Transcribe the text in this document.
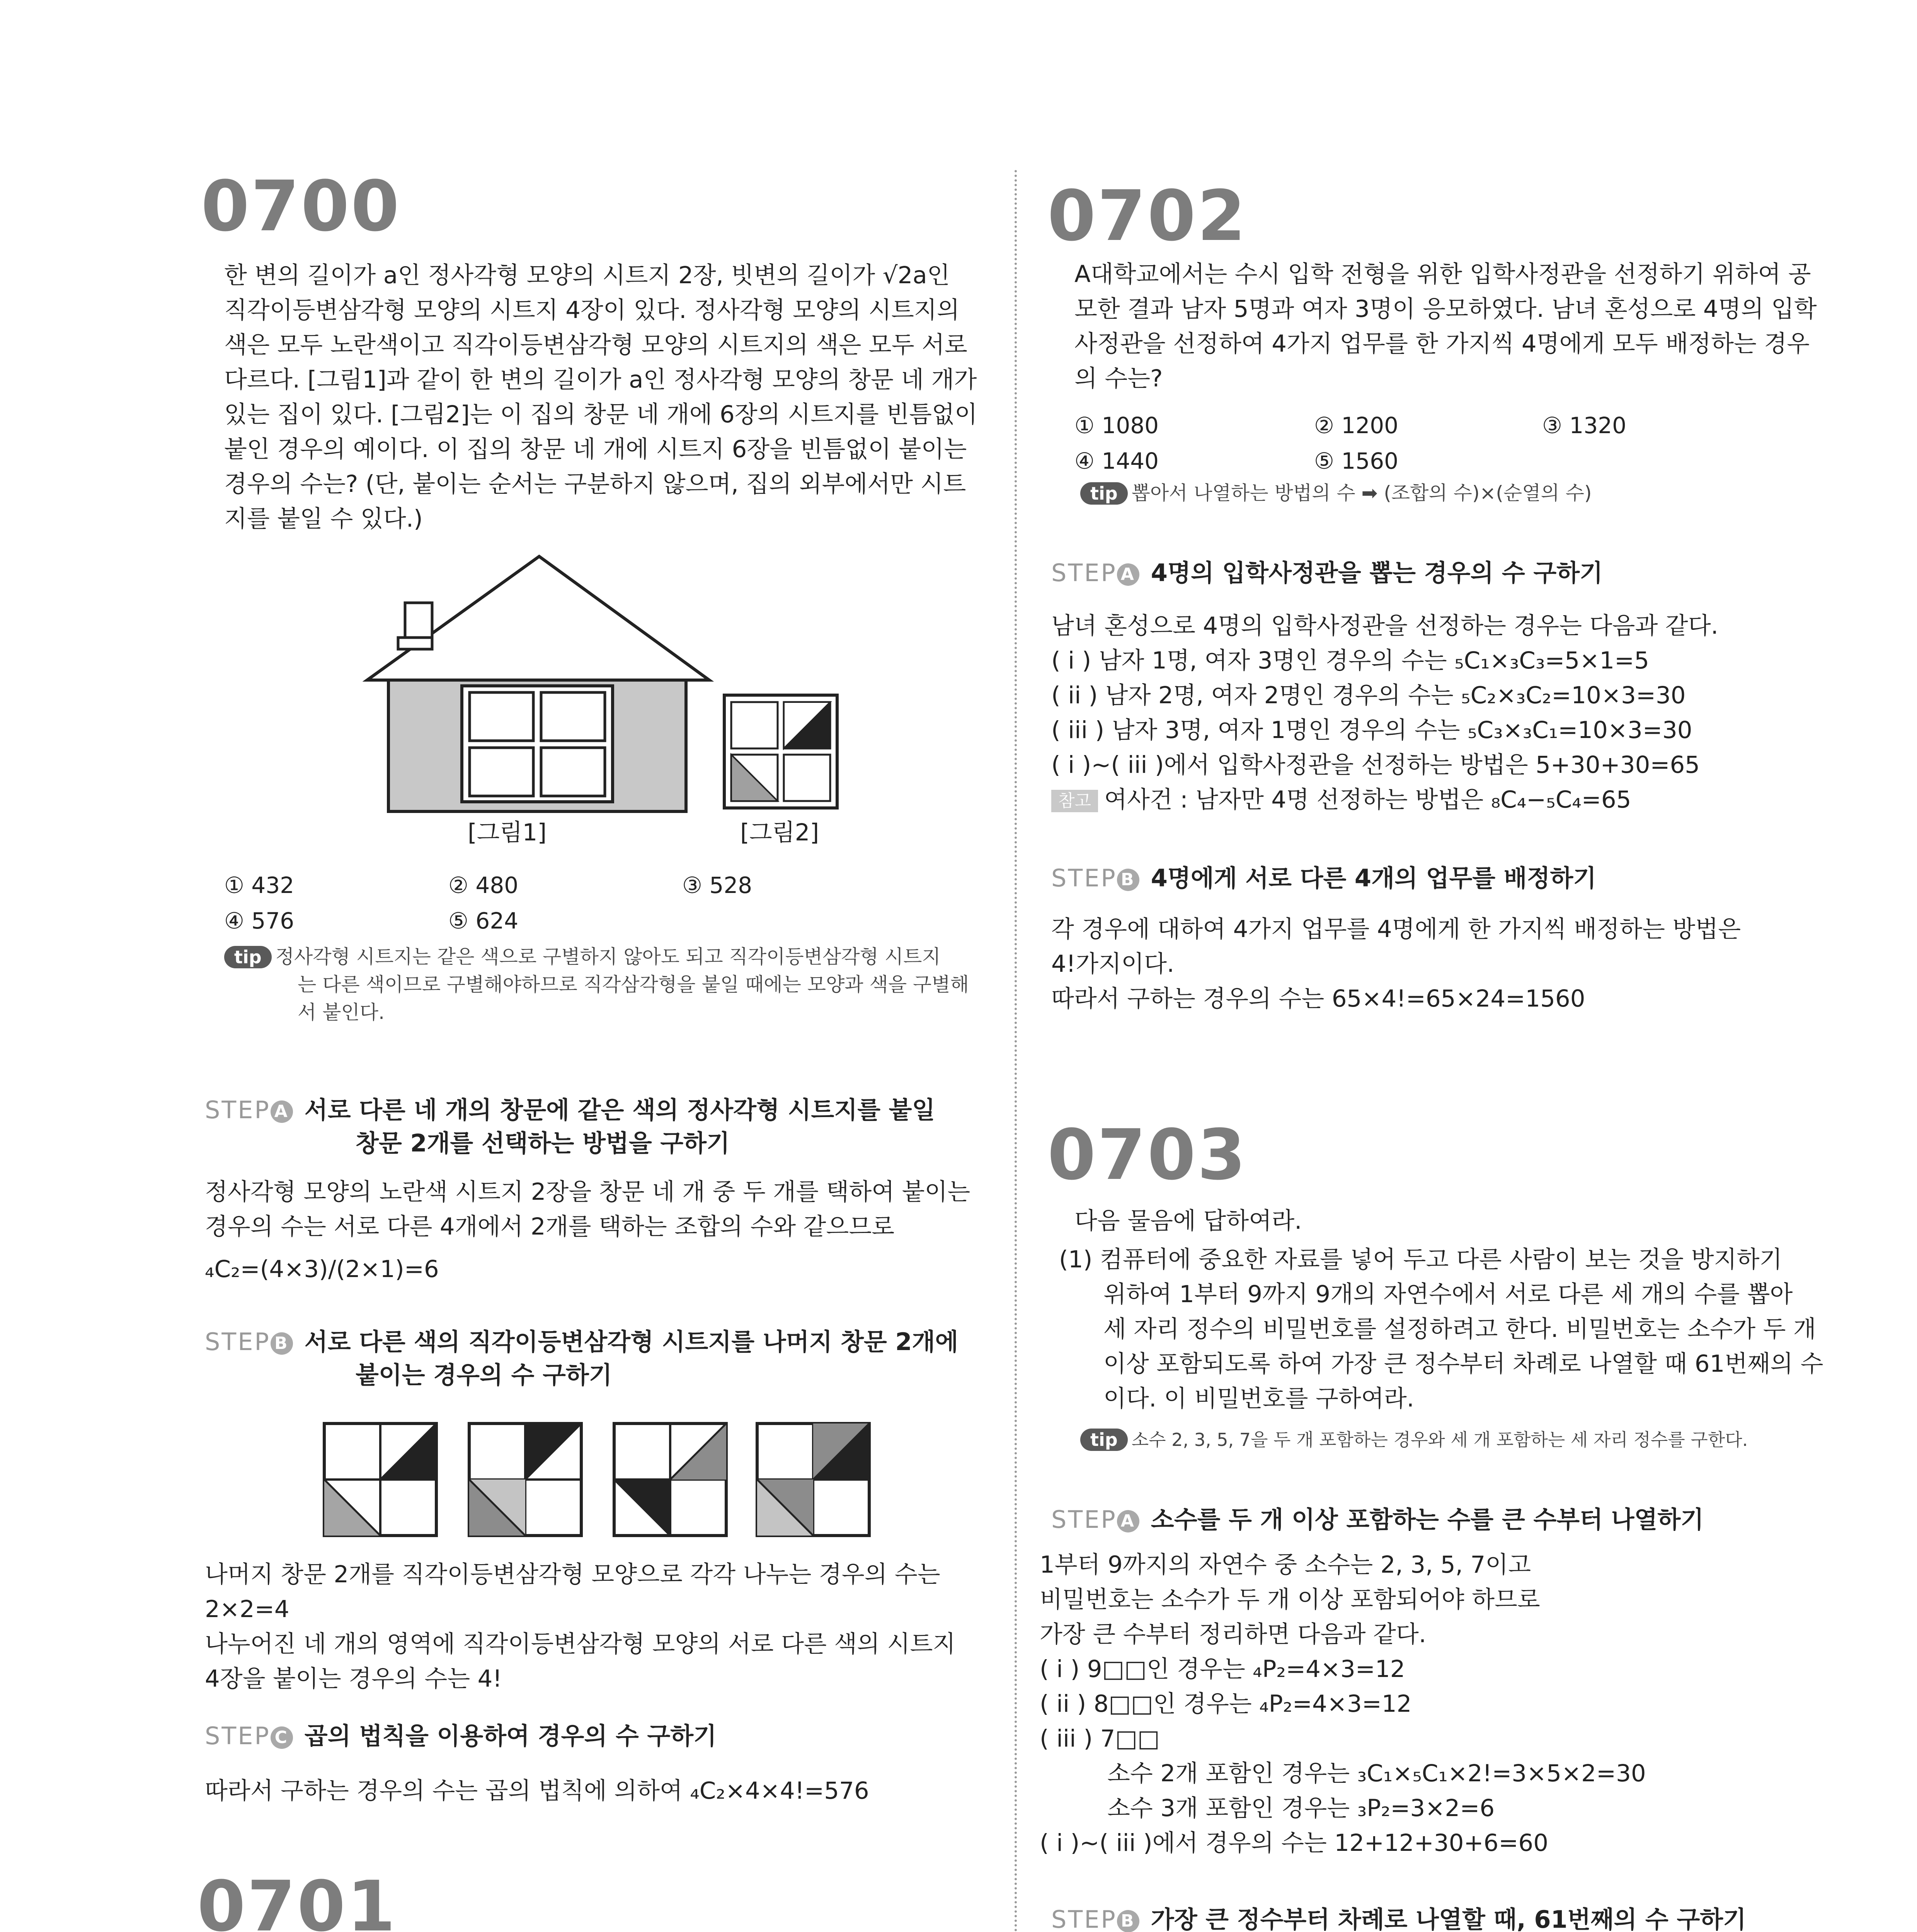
0700

한 변의 길이가 a인 정사각형 모양의 시트지 2장, 빗변의 길이가 √2a인

직각이등변삼각형 모양의 시트지 4장이 있다. 정사각형 모양의 시트지의

색은 모두 노란색이고 직각이등변삼각형 모양의 시트지의 색은 모두 서로

다르다. [그림1]과 같이 한 변의 길이가 a인 정사각형 모양의 창문 네 개가

있는 집이 있다. [그림2]는 이 집의 창문 네 개에 6장의 시트지를 빈틈없이

붙인 경우의 예이다. 이 집의 창문 네 개에 시트지 6장을 빈틈없이 붙이는

경우의 수는? (단, 붙이는 순서는 구분하지 않으며, 집의 외부에서만 시트

지를 붙일 수 있다.)

[그림1]	[그림2]
① 432	② 480	③ 528
④ 576	⑤ 624
tip 정사각형 시트지는 같은 색으로 구별하지 않아도 되고 직각이등변삼각형 시트지
는 다른 색이므로 구별해야하므로 직각삼각형을 붙일 때에는 모양과 색을 구별해
서 붙인다.
STEP A 서로 다른 네 개의 창문에 같은 색의 정사각형 시트지를 붙일
창문 2개를 선택하는 방법을 구하기

정사각형 모양의 노란색 시트지 2장을 창문 네 개 중 두 개를 택하여 붙이는

경우의 수는 서로 다른 4개에서 2개를 택하는 조합의 수와 같으므로

₄C₂=(4×3)/(2×1)=6

STEP B 서로 다른 색의 직각이등변삼각형 시트지를 나머지 창문 2개에
붙이는 경우의 수 구하기

나머지 창문 2개를 직각이등변삼각형 모양으로 각각 나누는 경우의 수는

2×2=4

나누어진 네 개의 영역에 직각이등변삼각형 모양의 서로 다른 색의 시트지

4장을 붙이는 경우의 수는 4!

STEP C 곱의 법칙을 이용하여 경우의 수 구하기
따라서 구하는 경우의 수는 곱의 법칙에 의하여 ₄C₂×4×4!=576
0701

0702

A대학교에서는 수시 입학 전형을 위한 입학사정관을 선정하기 위하여 공

모한 결과 남자 5명과 여자 3명이 응모하였다. 남녀 혼성으로 4명의 입학

사정관을 선정하여 4가지 업무를 한 가지씩 4명에게 모두 배정하는 경우

의 수는?

① 1080	② 1200	③ 1320
④ 1440	⑤ 1560
tip 뽑아서 나열하는 방법의 수 ➡ (조합의 수)×(순열의 수)
STEP A 4명의 입학사정관을 뽑는 경우의 수 구하기

남녀 혼성으로 4명의 입학사정관을 선정하는 경우는 다음과 같다.

( i ) 남자 1명, 여자 3명인 경우의 수는 ₅C₁×₃C₃=5×1=5

( ii ) 남자 2명, 여자 2명인 경우의 수는 ₅C₂×₃C₂=10×3=30

( iii ) 남자 3명, 여자 1명인 경우의 수는 ₅C₃×₃C₁=10×3=30

( i )~( iii )에서 입학사정관을 선정하는 방법은 5+30+30=65

참고 여사건 : 남자만 4명 선정하는 방법은 ₈C₄−₅C₄=65

STEP B 4명에게 서로 다른 4개의 업무를 배정하기

각 경우에 대하여 4가지 업무를 4명에게 한 가지씩 배정하는 방법은

4!가지이다.

따라서 구하는 경우의 수는 65×4!=65×24=1560

0703
다음 물음에 답하여라.

(1) 컴퓨터에 중요한 자료를 넣어 두고 다른 사람이 보는 것을 방지하기

위하여 1부터 9까지 9개의 자연수에서 서로 다른 세 개의 수를 뽑아

세 자리 정수의 비밀번호를 설정하려고 한다. 비밀번호는 소수가 두 개

이상 포함되도록 하여 가장 큰 정수부터 차례로 나열할 때 61번째의 수

이다. 이 비밀번호를 구하여라.

tip 소수 2, 3, 5, 7을 두 개 포함하는 경우와 세 개 포함하는 세 자리 정수를 구한다.
STEP A 소수를 두 개 이상 포함하는 수를 큰 수부터 나열하기

1부터 9까지의 자연수 중 소수는 2, 3, 5, 7이고

비밀번호는 소수가 두 개 이상 포함되어야 하므로

가장 큰 수부터 정리하면 다음과 같다.

( i ) 9□□인 경우는 ₄P₂=4×3=12

( ii ) 8□□인 경우는 ₄P₂=4×3=12

( iii ) 7□□

소수 2개 포함인 경우는 ₃C₁×₅C₁×2!=3×5×2=30

소수 3개 포함인 경우는 ₃P₂=3×2=6

( i )~( iii )에서 경우의 수는 12+12+30+6=60

STEP B 가장 큰 정수부터 차례로 나열할 때, 61번째의 수 구하기
